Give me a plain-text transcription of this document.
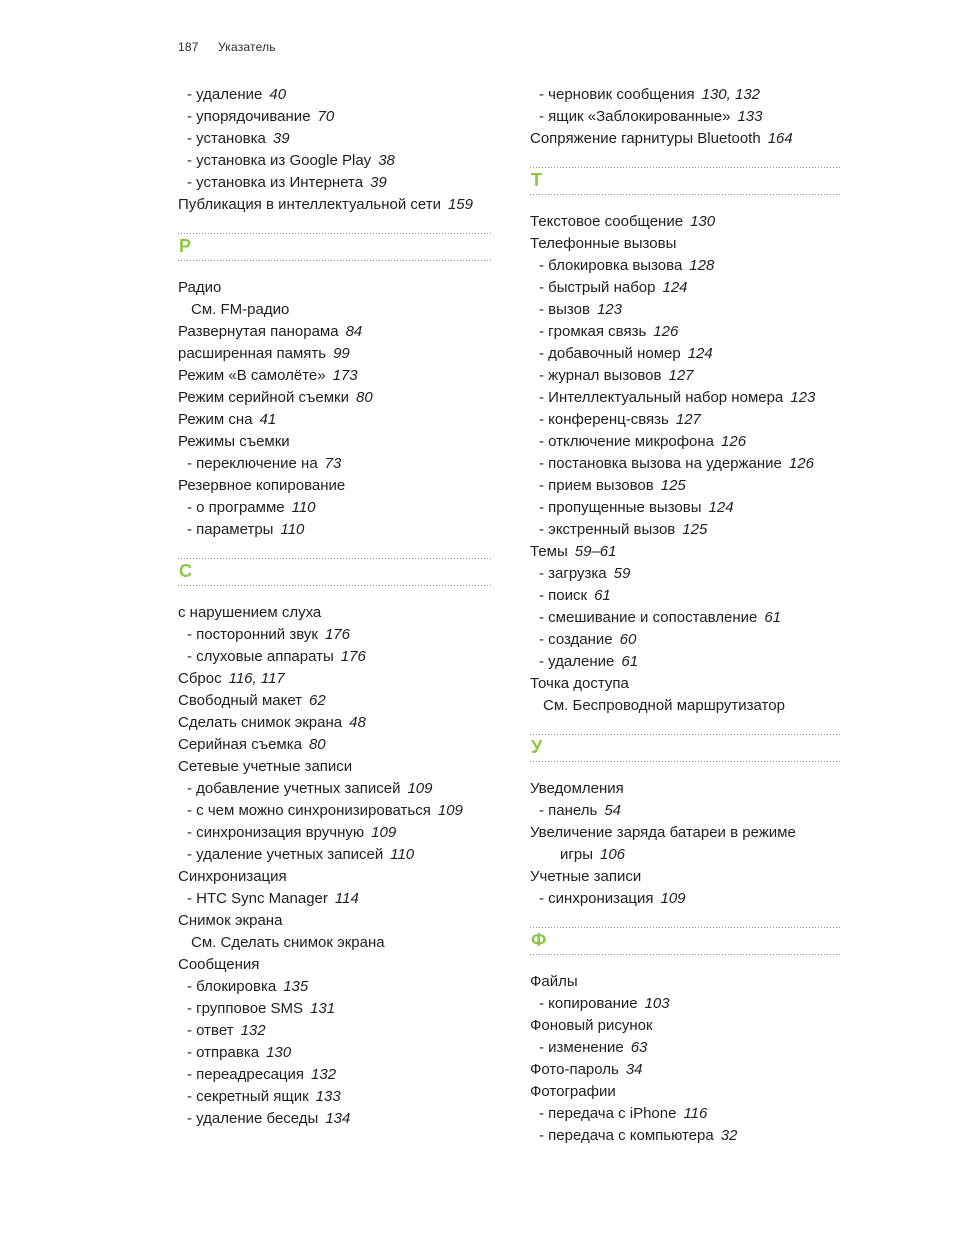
187 Указатель
- удаление 40
- упорядочивание 70
- установка 39
- установка из Google Play 38
- установка из Интернета 39
Публикация в интеллектуальной сети 159
Р
Радио
См. FM-радио
Развернутая панорама 84
расширенная память 99
Режим «В самолёте» 173
Режим серийной съемки 80
Режим сна 41
Режимы съемки
- переключение на 73
Резервное копирование
- о программе 110
- параметры 110
С
с нарушением слуха
- посторонний звук 176
- слуховые аппараты 176
Сброс 116, 117
Свободный макет 62
Сделать снимок экрана 48
Серийная съемка 80
Сетевые учетные записи
- добавление учетных записей 109
- с чем можно синхронизироваться 109
- синхронизация вручную 109
- удаление учетных записей 110
Синхронизация
- HTC Sync Manager 114
Снимок экрана
См. Сделать снимок экрана
Сообщения
- блокировка 135
- групповое SMS 131
- ответ 132
- отправка 130
- переадресация 132
- секретный ящик 133
- удаление беседы 134
- черновик сообщения 130, 132
- ящик «Заблокированные» 133
Сопряжение гарнитуры Bluetooth 164
Т
Текстовое сообщение 130
Телефонные вызовы
- блокировка вызова 128
- быстрый набор 124
- вызов 123
- громкая связь 126
- добавочный номер 124
- журнал вызовов 127
- Интеллектуальный набор номера 123
- конференц-связь 127
- отключение микрофона 126
- постановка вызова на удержание 126
- прием вызовов 125
- пропущенные вызовы 124
- экстренный вызов 125
Темы 59–61
- загрузка 59
- поиск 61
- смешивание и сопоставление 61
- создание 60
- удаление 61
Точка доступа
См. Беспроводной маршрутизатор
У
Уведомления
- панель 54
Увеличение заряда батареи в режиме
игры 106
Учетные записи
- синхронизация 109
Ф
Файлы
- копирование 103
Фоновый рисунок
- изменение 63
Фото-пароль 34
Фотографии
- передача с iPhone 116
- передача с компьютера 32
